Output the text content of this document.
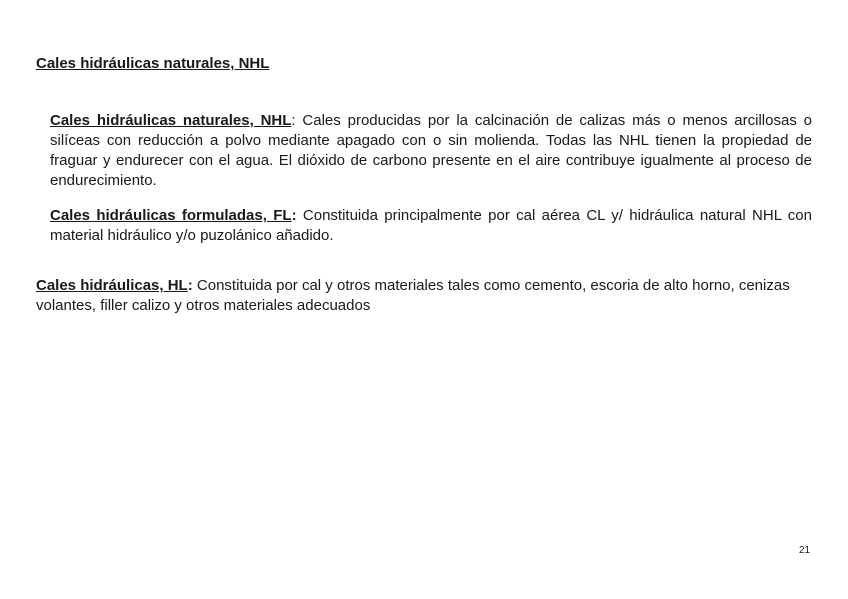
Cales hidráulicas naturales, NHL
Cales hidráulicas naturales, NHL: Cales producidas por la calcinación de calizas más o menos arcillosas o silíceas con reducción a polvo mediante apagado con o sin molienda. Todas las NHL tienen la propiedad de fraguar y endurecer con el agua. El dióxido de carbono presente en el aire contribuye igualmente al proceso de endurecimiento.
Cales hidráulicas formuladas, FL: Constituida principalmente por cal aérea CL y/ hidráulica natural NHL con material hidráulico y/o puzolánico añadido.
Cales hidráulicas, HL: Constituida por cal y otros materiales tales como cemento, escoria de alto horno, cenizas volantes, filler calizo y otros materiales adecuados
21
